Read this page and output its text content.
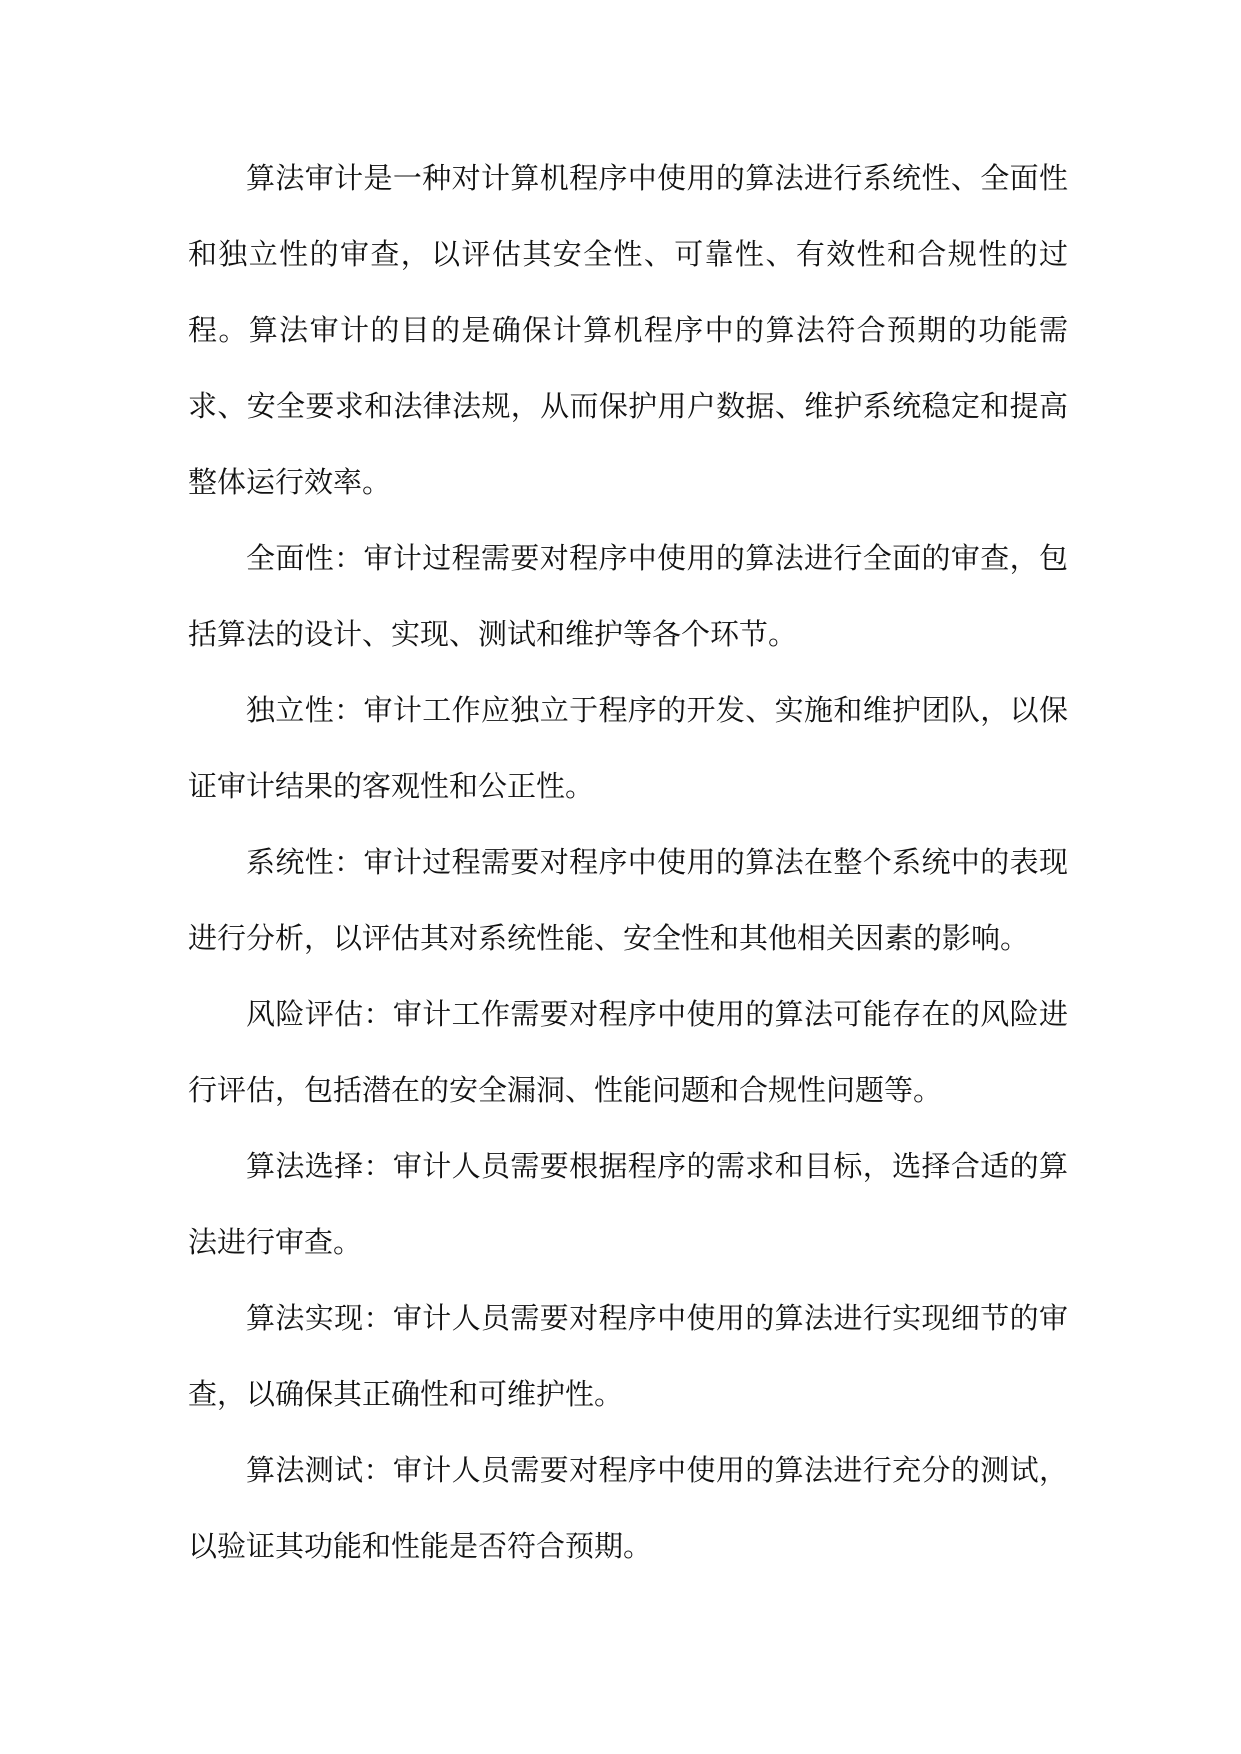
算法审计是一种对计算机程序中使用的算法进行系统性、全面性和独立性的审查，以评估其安全性、可靠性、有效性和合规性的过程。算法审计的目的是确保计算机程序中的算法符合预期的功能需求、安全要求和法律法规，从而保护用户数据、维护系统稳定和提高整体运行效率。

全面性：审计过程需要对程序中使用的算法进行全面的审查，包括算法的设计、实现、测试和维护等各个环节。

独立性：审计工作应独立于程序的开发、实施和维护团队，以保证审计结果的客观性和公正性。

系统性：审计过程需要对程序中使用的算法在整个系统中的表现进行分析，以评估其对系统性能、安全性和其他相关因素的影响。

风险评估：审计工作需要对程序中使用的算法可能存在的风险进行评估，包括潜在的安全漏洞、性能问题和合规性问题等。

算法选择：审计人员需要根据程序的需求和目标，选择合适的算法进行审查。

算法实现：审计人员需要对程序中使用的算法进行实现细节的审查，以确保其正确性和可维护性。

算法测试：审计人员需要对程序中使用的算法进行充分的测试，以验证其功能和性能是否符合预期。
